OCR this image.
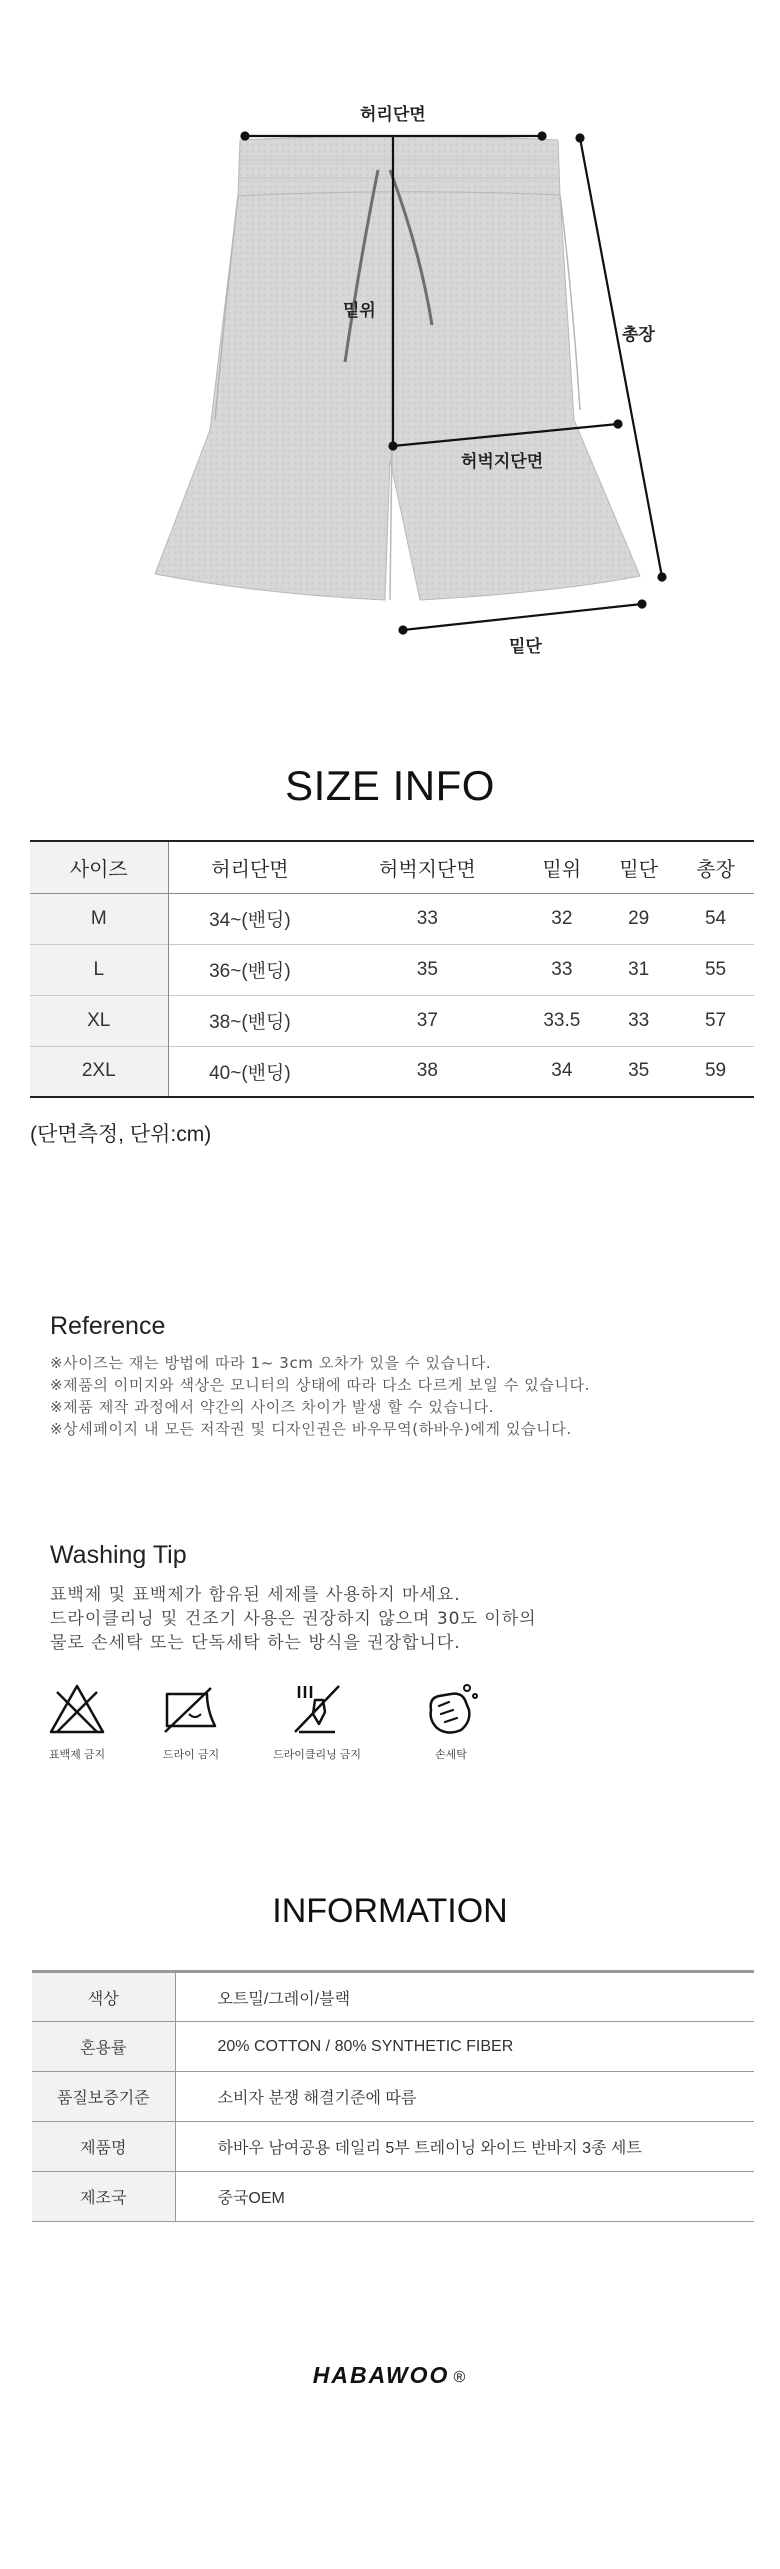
허리단면
밑위
총장
허벅지단면
밑단
SIZE INFO
사이즈	허리단면	허벅지단면	밑위	밑단	총장
M	34~(밴딩)	33	32	29	54
L	36~(밴딩)	35	33	31	55
XL	38~(밴딩)	37	33.5	33	57
2XL	40~(밴딩)	38	34	35	59
(단면측정, 단위:cm)
Reference
※사이즈는 재는 방법에 따라 1~ 3cm 오차가 있을 수 있습니다.
※제품의 이미지와 색상은 모니터의 상태에 따라 다소 다르게 보일 수 있습니다.
※제품 제작 과정에서 약간의 사이즈 차이가 발생 할 수 있습니다.
※상세페이지 내 모든 저작권 및 디자인권은 바우무역(하바우)에게 있습니다.
Washing Tip
표백제 및 표백제가 함유된 세제를 사용하지 마세요.
드라이클리닝 및 건조기 사용은 권장하지 않으며 30도 이하의
물로 손세탁 또는 단독세탁 하는 방식을 권장합니다.
표백제 금지	드라이 금지	드라이클리닝 금지	손세탁
INFORMATION
색상	오트밀/그레이/블랙
혼용률	20% COTTON / 80% SYNTHETIC FIBER
품질보증기준	소비자 분쟁 해결기준에 따름
제품명	하바우 남여공용 데일리 5부 트레이닝 와이드 반바지 3종 세트
제조국	중국OEM
HABAWOO ®
